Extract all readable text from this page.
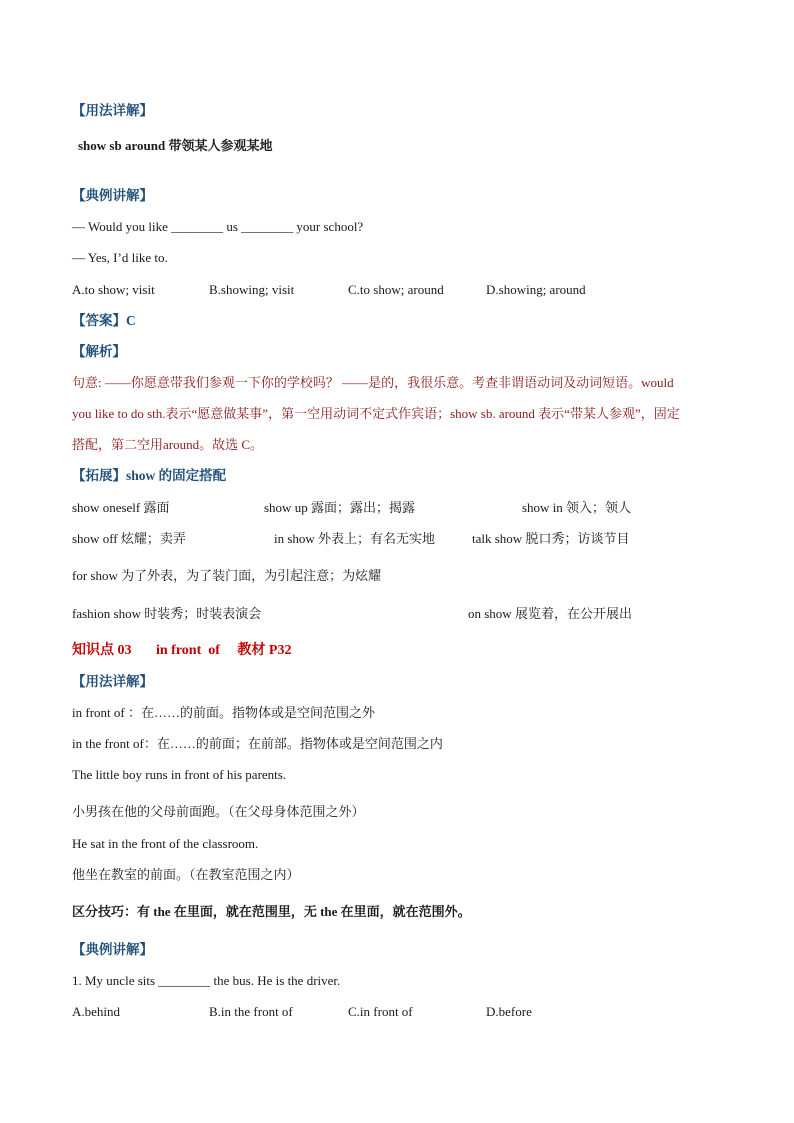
【用法详解】
show sb around 带领某人参观某地
【典例讲解】
— Would you like ________ us ________ your school?
— Yes, I’d like to.
A.to show; visit	B.showing; visit	C.to show; around	D.showing; around
【答案】C
【解析】
句意: ——你愿意带我们参观一下你的学校吗？ ——是的，我很乐意。考查非谓语动词及动词短语。would
you like to do sth.表示“愿意做某事”，第一空用动词不定式作宾语；show sb. around 表示“带某人参观”，固定
搭配，第二空用around。故选 C。
【拓展】show 的固定搭配
show oneself 露面	show up 露面；露出；揭露	show in 领入；领人
show off 炫耀；卖弄	in show 外表上；有名无实地	talk show 脱口秀；访谈节目
for show 为了外表，为了装门面，为引起注意；为炫耀
fashion show 时装秀；时装表演会	on show 展览着，在公开展出
知识点 03       in front  of     教材 P32
【用法详解】
in front of ：在……的前面。指物体或是空间范围之外
in the front of：在……的前面；在前部。指物体或是空间范围之内
The little boy runs in front of his parents.
小男孩在他的父母前面跑。（在父母身体范围之外）
He sat in the front of the classroom.
他坐在教室的前面。（在教室范围之内）
区分技巧：有 the 在里面，就在范围里，无 the 在里面，就在范围外。
【典例讲解】
1. My uncle sits ________ the bus. He is the driver.
A.behind	B.in the front of	C.in front of	D.before
